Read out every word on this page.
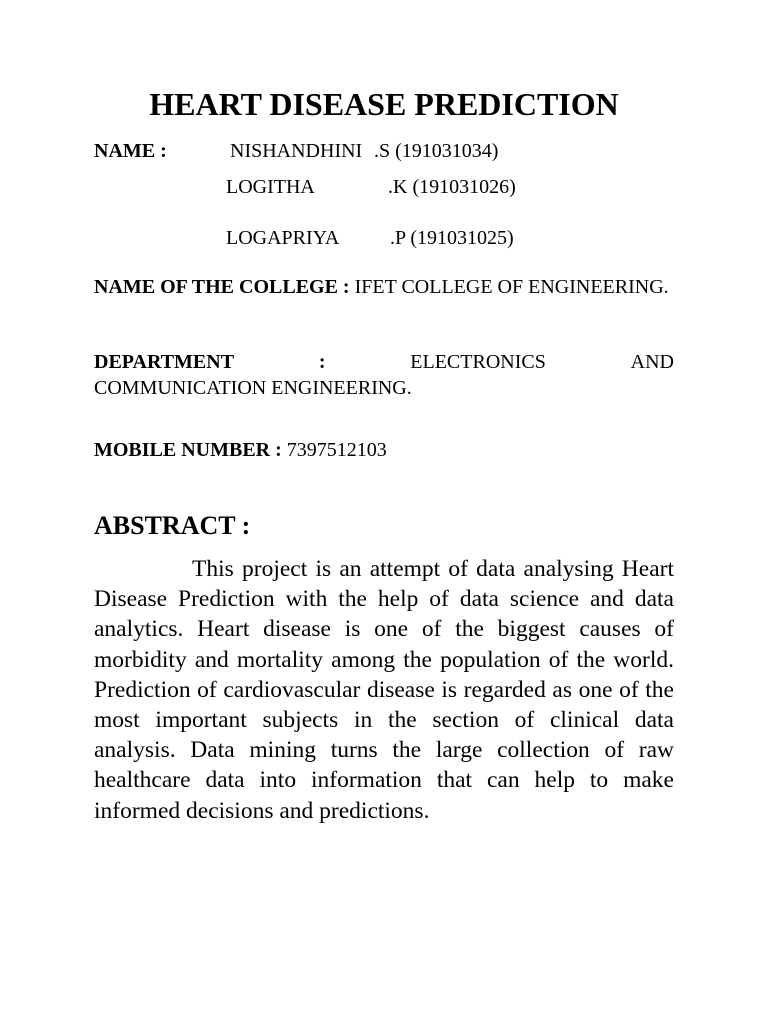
HEART DISEASE PREDICTION
NAME :	NISHANDHINI .S (191031034)
LOGITHA	.K (191031026)
LOGAPRIYA	.P (191031025)
NAME OF THE COLLEGE : IFET COLLEGE OF ENGINEERING.
DEPARTMENT	:	ELECTRONICS	AND
COMMUNICATION ENGINEERING.
MOBILE NUMBER : 7397512103
ABSTRACT :
This project is an attempt of data analysing Heart Disease Prediction with the help of data science and data analytics. Heart disease is one of the biggest causes of morbidity and mortality among the population of the world. Prediction of cardiovascular disease is regarded as one of the most important subjects in the section of clinical data analysis. Data mining turns the large collection of raw healthcare data into information that can help to make informed decisions and predictions.
